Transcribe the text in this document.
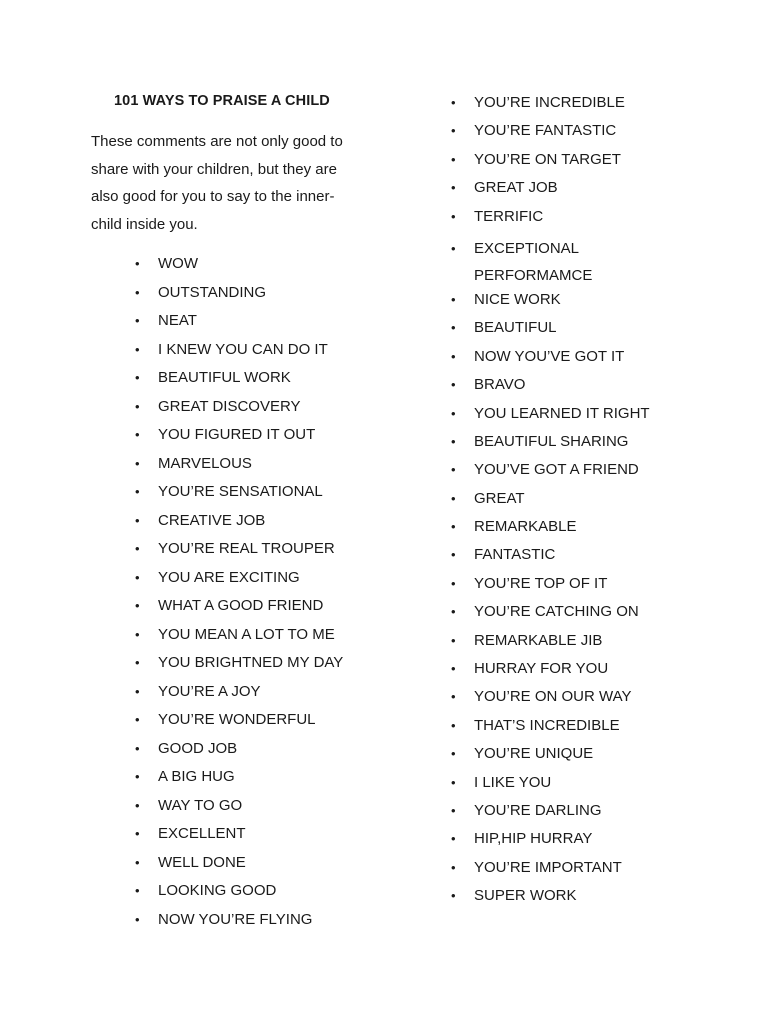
101 WAYS TO PRAISE A CHILD
These comments are not only good to
share with your children, but they are
also good for you to say to the inner-
child inside you.
• WOW
• OUTSTANDING
• NEAT
• I KNEW YOU CAN DO IT
• BEAUTIFUL WORK
• GREAT DISCOVERY
• YOU FIGURED IT OUT
• MARVELOUS
• YOU’RE SENSATIONAL
• CREATIVE JOB
• YOU’RE REAL TROUPER
• YOU ARE EXCITING
• WHAT A GOOD FRIEND
• YOU MEAN A LOT TO ME
• YOU BRIGHTNED MY DAY
• YOU’RE A JOY
• YOU’RE WONDERFUL
• GOOD JOB
• A BIG HUG
• WAY TO GO
• EXCELLENT
• WELL DONE
• LOOKING GOOD
• NOW YOU’RE FLYING
• YOU’RE INCREDIBLE
• YOU’RE FANTASTIC
• YOU’RE ON TARGET
• GREAT JOB
• TERRIFIC
• EXCEPTIONAL PERFORMAMCE
• NICE WORK
• BEAUTIFUL
• NOW YOU’VE GOT IT
• BRAVO
• YOU LEARNED IT RIGHT
• BEAUTIFUL SHARING
• YOU’VE GOT A FRIEND
• GREAT
• REMARKABLE
• FANTASTIC
• YOU’RE TOP OF IT
• YOU’RE CATCHING ON
• REMARKABLE JIB
• HURRAY FOR YOU
• YOU’RE ON OUR WAY
• THAT’S INCREDIBLE
• YOU’RE UNIQUE
• I LIKE YOU
• YOU’RE DARLING
• HIP,HIP HURRAY
• YOU’RE IMPORTANT
• SUPER WORK
